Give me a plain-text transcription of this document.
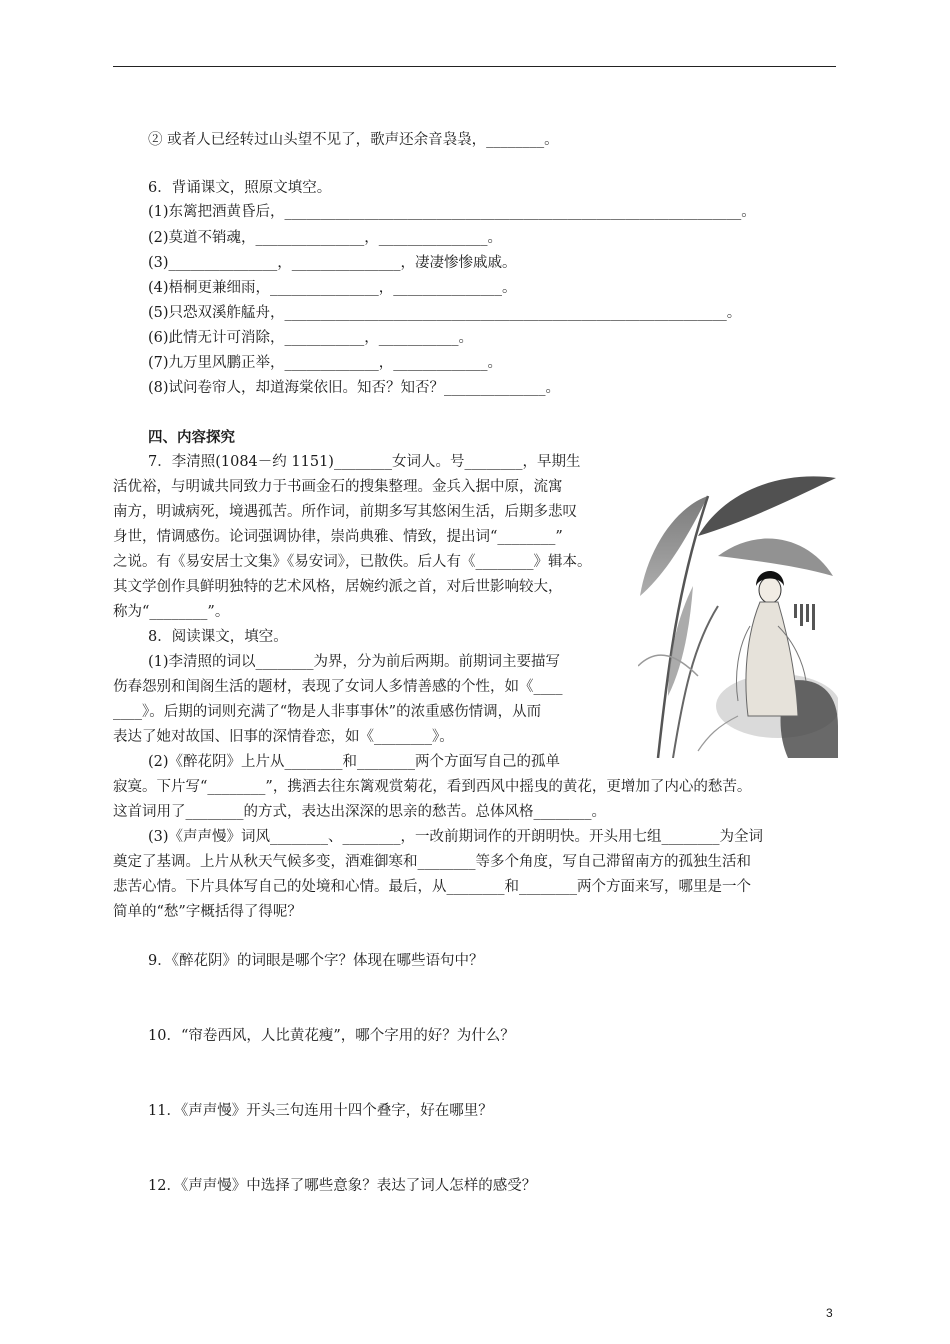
② 或者人已经转过山头望不见了，歌声还余音袅袅，________。
6．背诵课文，照原文填空。
(1)东篱把酒黄昏后，_______________________________________________________________。
(2)莫道不销魂，_______________，_______________。
(3)_______________，_______________，凄凄惨惨戚戚。
(4)梧桐更兼细雨，_______________，_______________。
(5)只恐双溪舴艋舟，_____________________________________________________________。
(6)此情无计可消除，___________，___________。
(7)九万里风鹏正举，_____________，_____________。
(8)试问卷帘人，却道海棠依旧。知否？知否？______________。
四、内容探究
7．李清照(1084－约 1151)________女词人。号________，早期生
活优裕，与明诚共同致力于书画金石的搜集整理。金兵入据中原，流寓
南方，明诚病死，境遇孤苦。所作词，前期多写其悠闲生活，后期多悲叹
身世，情调感伤。论词强调协律，崇尚典雅、情致，提出词“________”
之说。有《易安居士文集》《易安词》，已散佚。后人有《________》辑本。
其文学创作具鲜明独特的艺术风格，居婉约派之首，对后世影响较大，
称为“________”。
8．阅读课文，填空。
(1)李清照的词以________为界，分为前后两期。前期词主要描写
伤春怨别和闺阁生活的题材，表现了女词人多情善感的个性，如《____
____》。后期的词则充满了“物是人非事事休”的浓重感伤情调，从而
表达了她对故国、旧事的深情眷恋，如《________》。
(2)《醉花阴》上片从________和________两个方面写自己的孤单
寂寞。下片写“________”，携酒去往东篱观赏菊花，看到西风中摇曳的黄花，更增加了内心的愁苦。
这首词用了________的方式，表达出深深的思亲的愁苦。总体风格________。
(3)《声声慢》词风________、________，一改前期词作的开朗明快。开头用七组________为全词
奠定了基调。上片从秋天气候多变，酒难御寒和________等多个角度，写自己滞留南方的孤独生活和
悲苦心情。下片具体写自己的处境和心情。最后，从________和________两个方面来写，哪里是一个
简单的“愁”字概括得了得呢？
9．《醉花阴》的词眼是哪个字？体现在哪些语句中？
10．“帘卷西风，人比黄花瘦”，哪个字用的好？为什么？
11．《声声慢》开头三句连用十四个叠字，好在哪里？
12．《声声慢》中选择了哪些意象？表达了词人怎样的感受？
3
